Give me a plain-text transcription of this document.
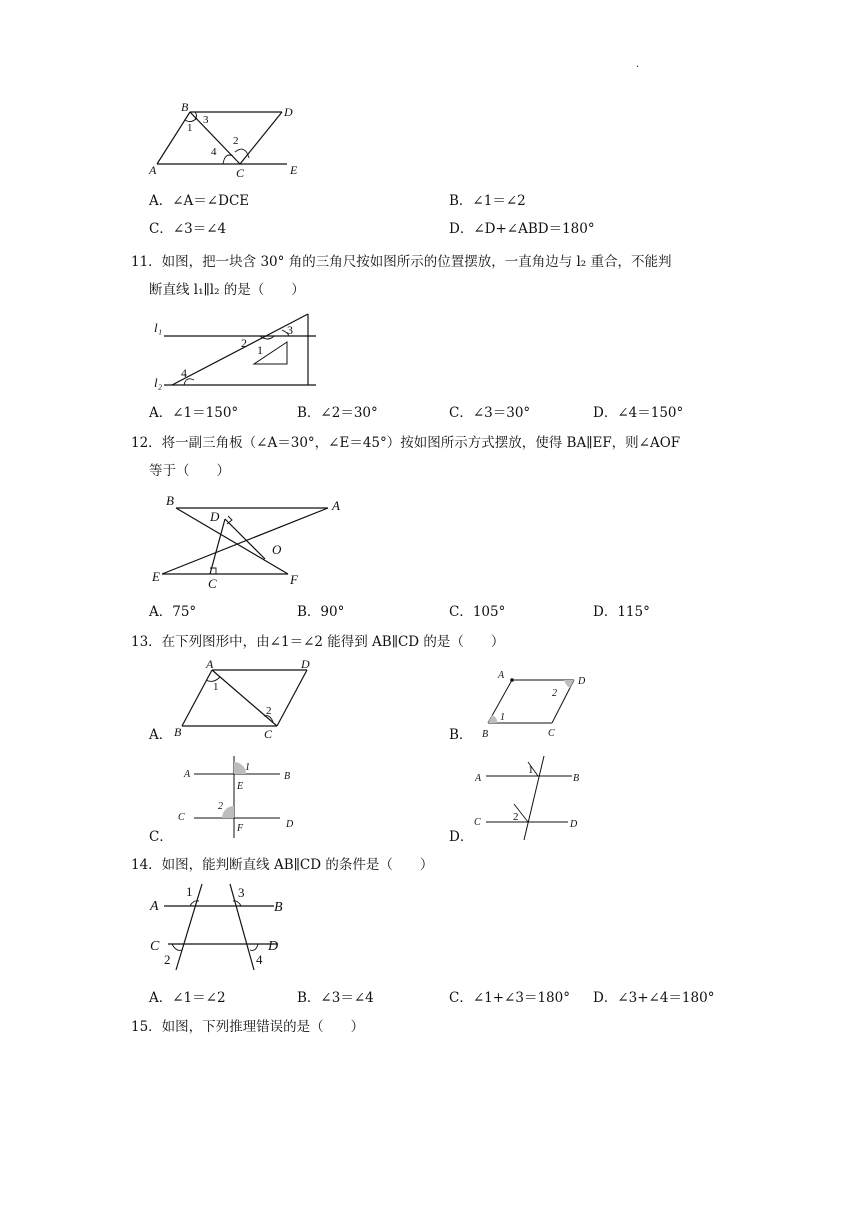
.
B	D
A	C	E
1
2
3
4
A．∠A＝∠DCE	B．∠1＝∠2
C．∠3＝∠4	D．∠D+∠ABD＝180°
11．如图，把一块含 30° 角的三角尺按如图所示的位置摆放，一直角边与 l₂ 重合，不能判
断直线 l₁∥l₂ 的是（　　）
l₁
l₂
1
2
3
4
A．∠1＝150°	B．∠2＝30°	C．∠3＝30°	D．∠4＝150°
12．将一副三角板（∠A＝30°，∠E＝45°）按如图所示方式摆放，使得 BA∥EF，则∠AOF
等于（　　）
B	A
D
O
E	C	F
A．75°	B．90°	C．105°	D．115°
13．在下列图形中，由∠1＝∠2 能得到 AB∥CD 的是（　　）
A	D
B	C
1
2
A．
A
D
B	C
1
2
B．
A	B
C
D
E
F
1
2
C．
A	B
C	D
1
2
D．
14．如图，能判断直线 AB∥CD 的条件是（　　）
A	B
C	D
1
2
3
4
A．∠1＝∠2	B．∠3＝∠4	C．∠1+∠3＝180° D．∠3+∠4＝180°
15．如图，下列推理错误的是（　　）
